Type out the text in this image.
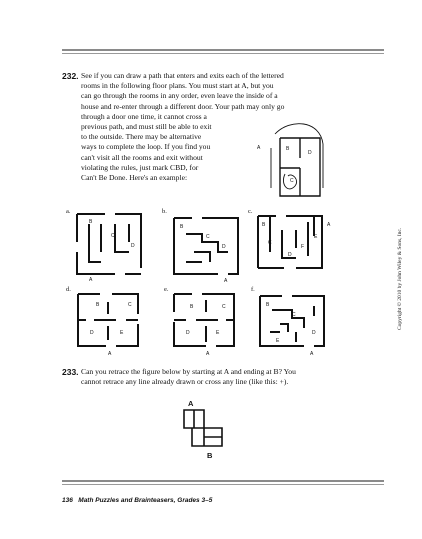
232. See if you can draw a path that enters and exits each of the lettered
rooms in the following floor plans. You must start at A, but you
can go through the rooms in any order, even leave the inside of a
house and re-enter through a different door. Your path may only go
through a door one time, it cannot cross a
previous path, and must still be able to exit
to the outside. There may be alternative
ways to complete the loop. If you find you
can't visit all the rooms and exit without
violating the rules, just mark CBD, for
Can't Be Done. Here's an example:
A	B
C
D
a.
B
C
D
A
b.
B
C
D
A
c.
B
C
D
E
F
A
d.
B	C
D	E
A
e.
B	C
D	E
A
f.
B
C
D
E
A
233. Can you retrace the figure below by starting at A and ending at B? You
cannot retrace any line already drawn or cross any line (like this: +).
A
B
Copyright © 2010 by John Wiley & Sons, Inc.
136 Math Puzzles and Brainteasers, Grades 3–5
